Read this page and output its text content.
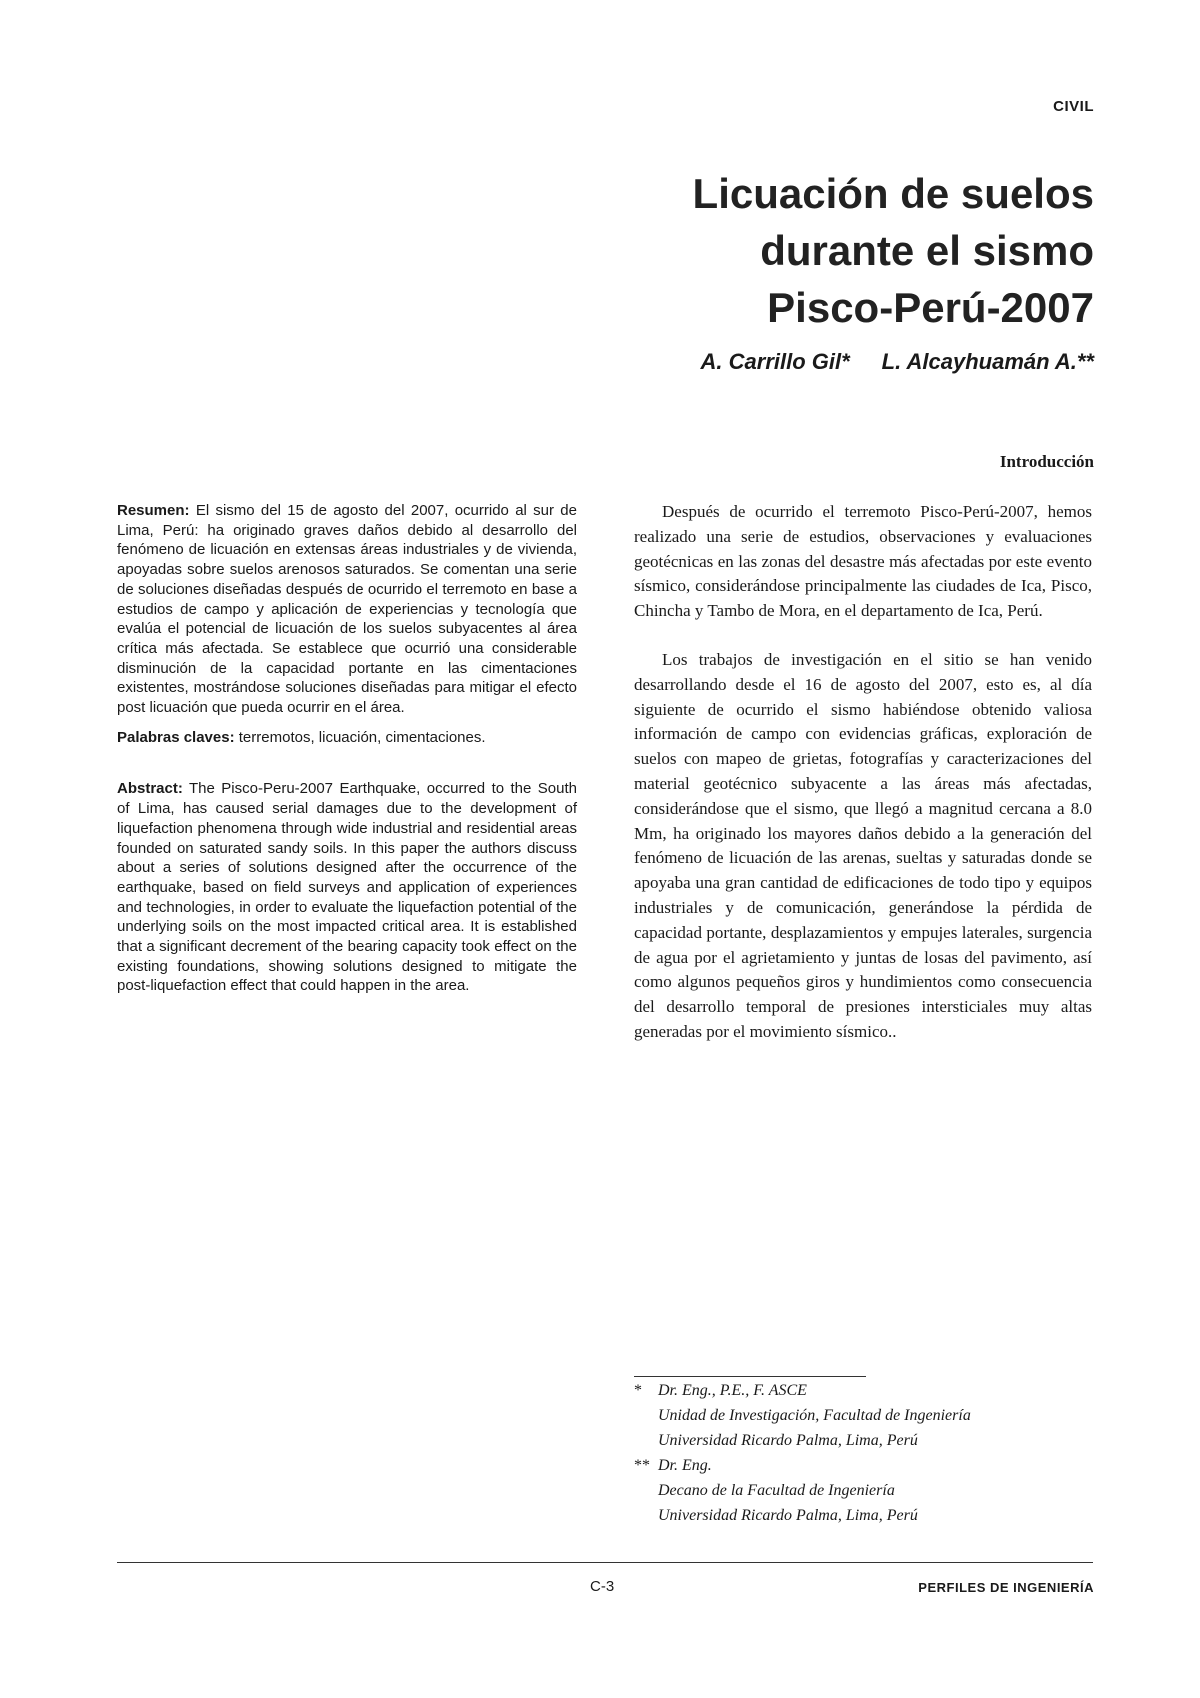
CIVIL
Licuación de suelos
durante el sismo
Pisco-Perú-2007
A. Carrillo Gil* L. Alcayhuamán A.**
Introducción

Resumen: El sismo del 15 de agosto del 2007, ocurrido al sur de Lima, Perú: ha originado graves daños debido al desarrollo del fenómeno de licuación en extensas áreas industriales y de vivienda, apoyadas sobre suelos arenosos saturados. Se comentan una serie de soluciones diseñadas después de ocurrido el terremoto en base a estudios de campo y aplicación de experiencias y tecnología que evalúa el potencial de licuación de los suelos subyacentes al área crítica más afectada. Se establece que ocurrió una considerable disminución de la capacidad portante en las cimentaciones existentes, mostrándose soluciones diseñadas para mitigar el efecto post licuación que pueda ocurrir en el área.

Palabras claves: terremotos, licuación, cimentaciones.

Abstract: The Pisco-Peru-2007 Earthquake, occurred to the South of Lima, has caused serial damages due to the development of liquefaction phenomena through wide industrial and residential areas founded on saturated sandy soils. In this paper the authors discuss about a series of solutions designed after the occurrence of the earthquake, based on field surveys and application of experiences and technologies, in order to evaluate the liquefaction potential of the underlying soils on the most impacted critical area. It is established that a significant decrement of the bearing capacity took effect on the existing foundations, showing solutions designed to mitigate the post-liquefaction effect that could happen in the area.

Después de ocurrido el terremoto Pisco-Perú-2007, hemos realizado una serie de estudios, observaciones y evaluaciones geotécnicas en las zonas del desastre más afectadas por este evento sísmico, considerándose principalmente las ciudades de Ica, Pisco, Chincha y Tambo de Mora, en el departamento de Ica, Perú.

Los trabajos de investigación en el sitio se han venido desarrollando desde el 16 de agosto del 2007, esto es, al día siguiente de ocurrido el sismo habiéndose obtenido valiosa información de campo con evidencias gráficas, exploración de suelos con mapeo de grietas, fotografías y caracterizaciones del material geotécnico subyacente a las áreas más afectadas, considerándose que el sismo, que llegó a magnitud cercana a 8.0 Mm, ha originado los mayores daños debido a la generación del fenómeno de licuación de las arenas, sueltas y saturadas donde se apoyaba una gran cantidad de edificaciones de todo tipo y equipos industriales y de comunicación, generándose la pérdida de capacidad portante, desplazamientos y empujes laterales, surgencia de agua por el agrietamiento y juntas de losas del pavimento, así como algunos pequeños giros y hundimientos como consecuencia del desarrollo temporal de presiones intersticiales muy altas generadas por el movimiento sísmico..

*	Dr. Eng., P.E., F. ASCE
Unidad de Investigación, Facultad de Ingeniería
Universidad Ricardo Palma, Lima, Perú
** Dr. Eng.
Decano de la Facultad de Ingeniería
Universidad Ricardo Palma, Lima, Perú
C-3	PERFILES DE INGENIERÍA
